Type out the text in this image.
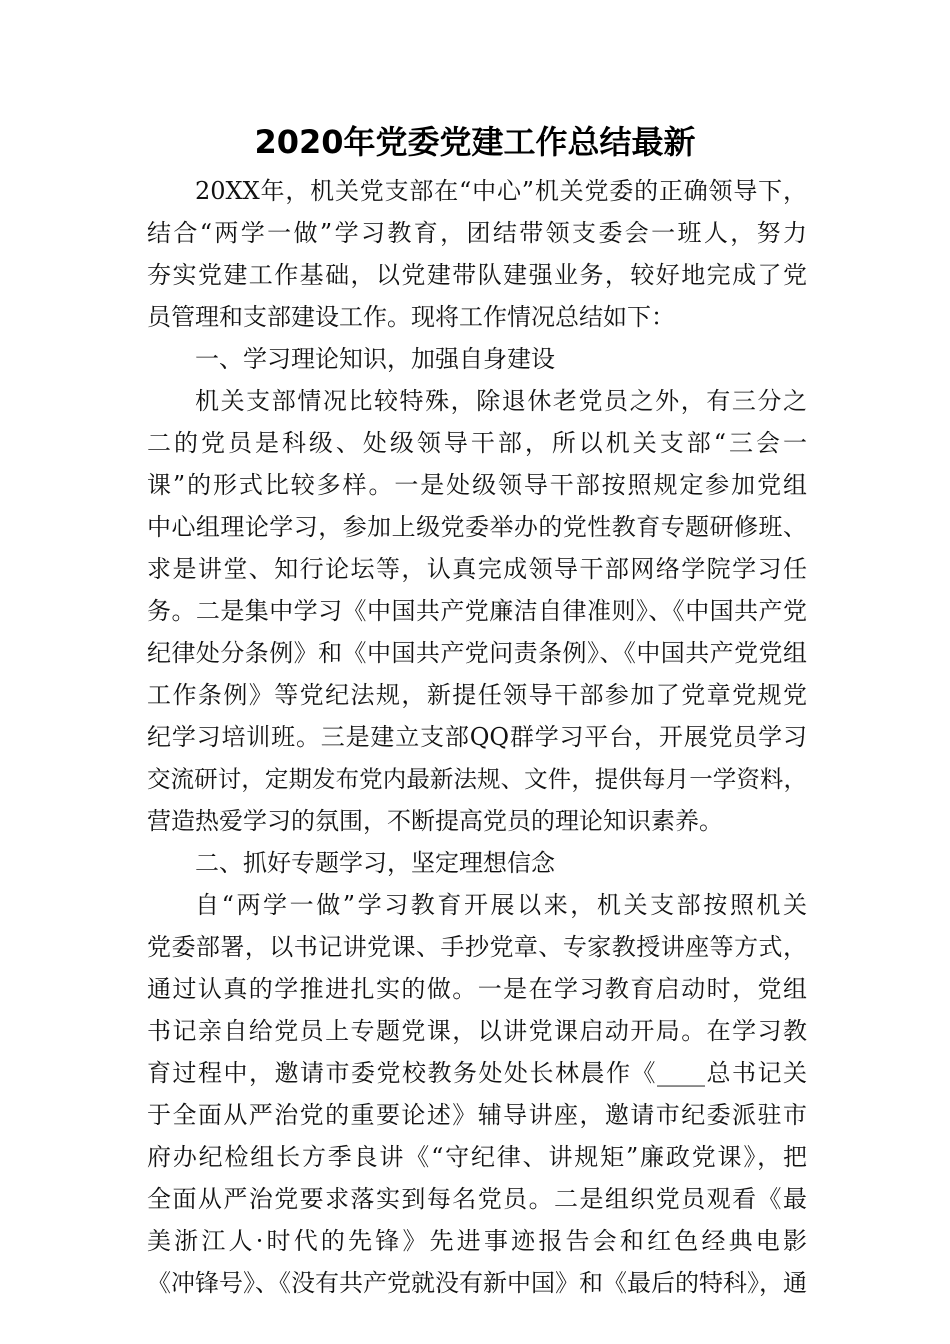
2020年党委党建工作总结最新
20XX年，机关党支部在“中心”机关党委的正确领导下，
结合“两学一做”学习教育，团结带领支委会一班人，努力
夯实党建工作基础，以党建带队建强业务，较好地完成了党
员管理和支部建设工作。现将工作情况总结如下：
一、学习理论知识，加强自身建设
机关支部情况比较特殊，除退休老党员之外，有三分之
二的党员是科级、处级领导干部，所以机关支部“三会一
课”的形式比较多样。一是处级领导干部按照规定参加党组
中心组理论学习，参加上级党委举办的党性教育专题研修班、
求是讲堂、知行论坛等，认真完成领导干部网络学院学习任
务。二是集中学习《中国共产党廉洁自律准则》、《中国共产党
纪律处分条例》和《中国共产党问责条例》、《中国共产党党组
工作条例》等党纪法规，新提任领导干部参加了党章党规党
纪学习培训班。三是建立支部QQ群学习平台，开展党员学习
交流研讨，定期发布党内最新法规、文件，提供每月一学资料，
营造热爱学习的氛围，不断提高党员的理论知识素养。
二、抓好专题学习，坚定理想信念
自“两学一做”学习教育开展以来，机关支部按照机关
党委部署，以书记讲党课、手抄党章、专家教授讲座等方式，
通过认真的学推进扎实的做。一是在学习教育启动时，党组
书记亲自给党员上专题党课，以讲党课启动开局。在学习教
育过程中，邀请市委党校教务处处长林晨作《____总书记关
于全面从严治党的重要论述》辅导讲座，邀请市纪委派驻市
府办纪检组长方季良讲《“守纪律、讲规矩”廉政党课》，把
全面从严治党要求落实到每名党员。二是组织党员观看《最
美浙江人·时代的先锋》先进事迹报告会和红色经典电影
《冲锋号》、《没有共产党就没有新中国》和《最后的特科》，通
